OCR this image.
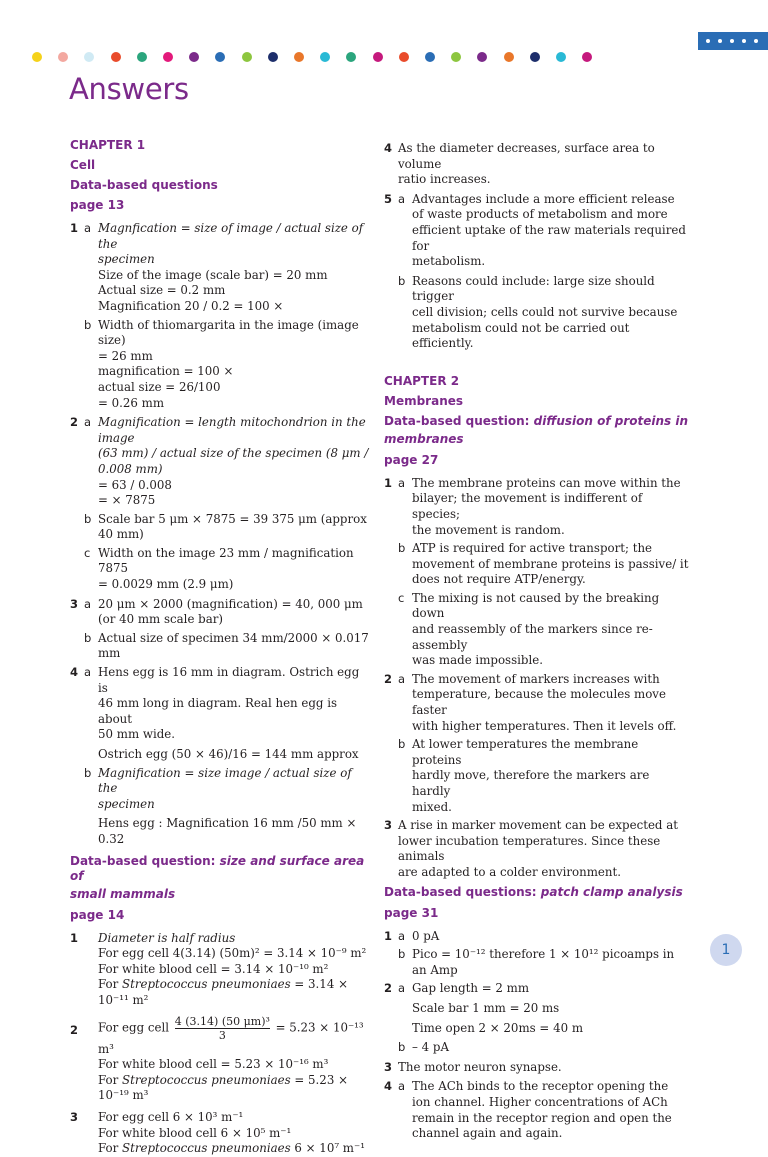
Answers
CHAPTER 1
Cell
Data-based questions
page 13
1 a Magnfication = size of image / actual size of the
specimen
Size of the image (scale bar) = 20 mm
Actual size = 0.2 mm
Magnification 20 / 0.2 = 100 ×
b Width of thiomargarita in the image (image size)
= 26 mm
magnification = 100 ×
actual size = 26/100
= 0.26 mm
2 a Magnification = length mitochondrion in the image
(63 mm) / actual size of the specimen (8 μm / 0.008 mm)
= 63 / 0.008
= × 7875
b Scale bar 5 μm × 7875 = 39 375 μm (approx
40 mm)
c Width on the image 23 mm / magnification 7875
= 0.0029 mm (2.9 μm)
3 a 20 μm × 2000 (magnification) = 40, 000 μm
(or 40 mm scale bar)
b Actual size of specimen 34 mm/2000 × 0.017 mm
4 a Hens egg is 16 mm in diagram. Ostrich egg is
46 mm long in diagram. Real hen egg is about
50 mm wide.
Ostrich egg (50 × 46)/16 = 144 mm approx
b Magnification = size image / actual size of the
specimen
Hens egg : Magnification 16 mm /50 mm × 0.32
Data-based question: size and surface area of
small mammals
page 14
1	Diameter is half radius
For egg cell 4(3.14) (50m)² = 3.14 × 10⁻⁹ m²
For white blood cell = 3.14 × 10⁻¹⁰ m²
For Streptococcus pneumoniaes = 3.14 × 10⁻¹¹ m²
2	For egg cell $\frac{\text{4 (3.14) (50 μm)³}}{3} = 5.23 \times 10^{-13}$ m³
For white blood cell = 5.23 × 10⁻¹⁶ m³
For Streptococcus pneumoniaes = 5.23 × 10⁻¹⁹ m³
3	For egg cell 6 × 10³ m⁻¹
For white blood cell 6 × 10⁵ m⁻¹
For Streptococcus pneumoniaes 6 × 10⁷ m⁻¹
4 As the diameter decreases, surface area to volume
ratio increases.
5 a Advantages include a more efficient release
of waste products of metabolism and more
efficient uptake of the raw materials required for
metabolism.
b Reasons could include: large size should trigger
cell division; cells could not survive because
metabolism could not be carried out efficiently.
CHAPTER 2
Membranes
Data-based question: diffusion of proteins in
membranes
page 27
1 a The membrane proteins can move within the
bilayer; the movement is indifferent of species;
the movement is random.
b ATP is required for active transport; the
movement of membrane proteins is passive/ it
does not require ATP/energy.
c The mixing is not caused by the breaking down
and reassembly of the markers since re-assembly
was made impossible.
2 a The movement of markers increases with
temperature, because the molecules move faster
with higher temperatures. Then it levels off.
b At lower temperatures the membrane proteins
hardly move, therefore the markers are hardly
mixed.
3 A rise in marker movement can be expected at
lower incubation temperatures. Since these animals
are adapted to a colder environment.
Data-based questions: patch clamp analysis
page 31
1 a 0 pA
b Pico = 10⁻¹² therefore 1 × 10¹² picoamps in an Amp
2 a Gap length = 2 mm
Scale bar 1 mm = 20 ms
Time open 2 × 20ms = 40 m
b – 4 pA
3 The motor neuron synapse.
4 a The ACh binds to the receptor opening the
ion channel. Higher concentrations of ACh
remain in the receptor region and open the
channel again and again.
1
